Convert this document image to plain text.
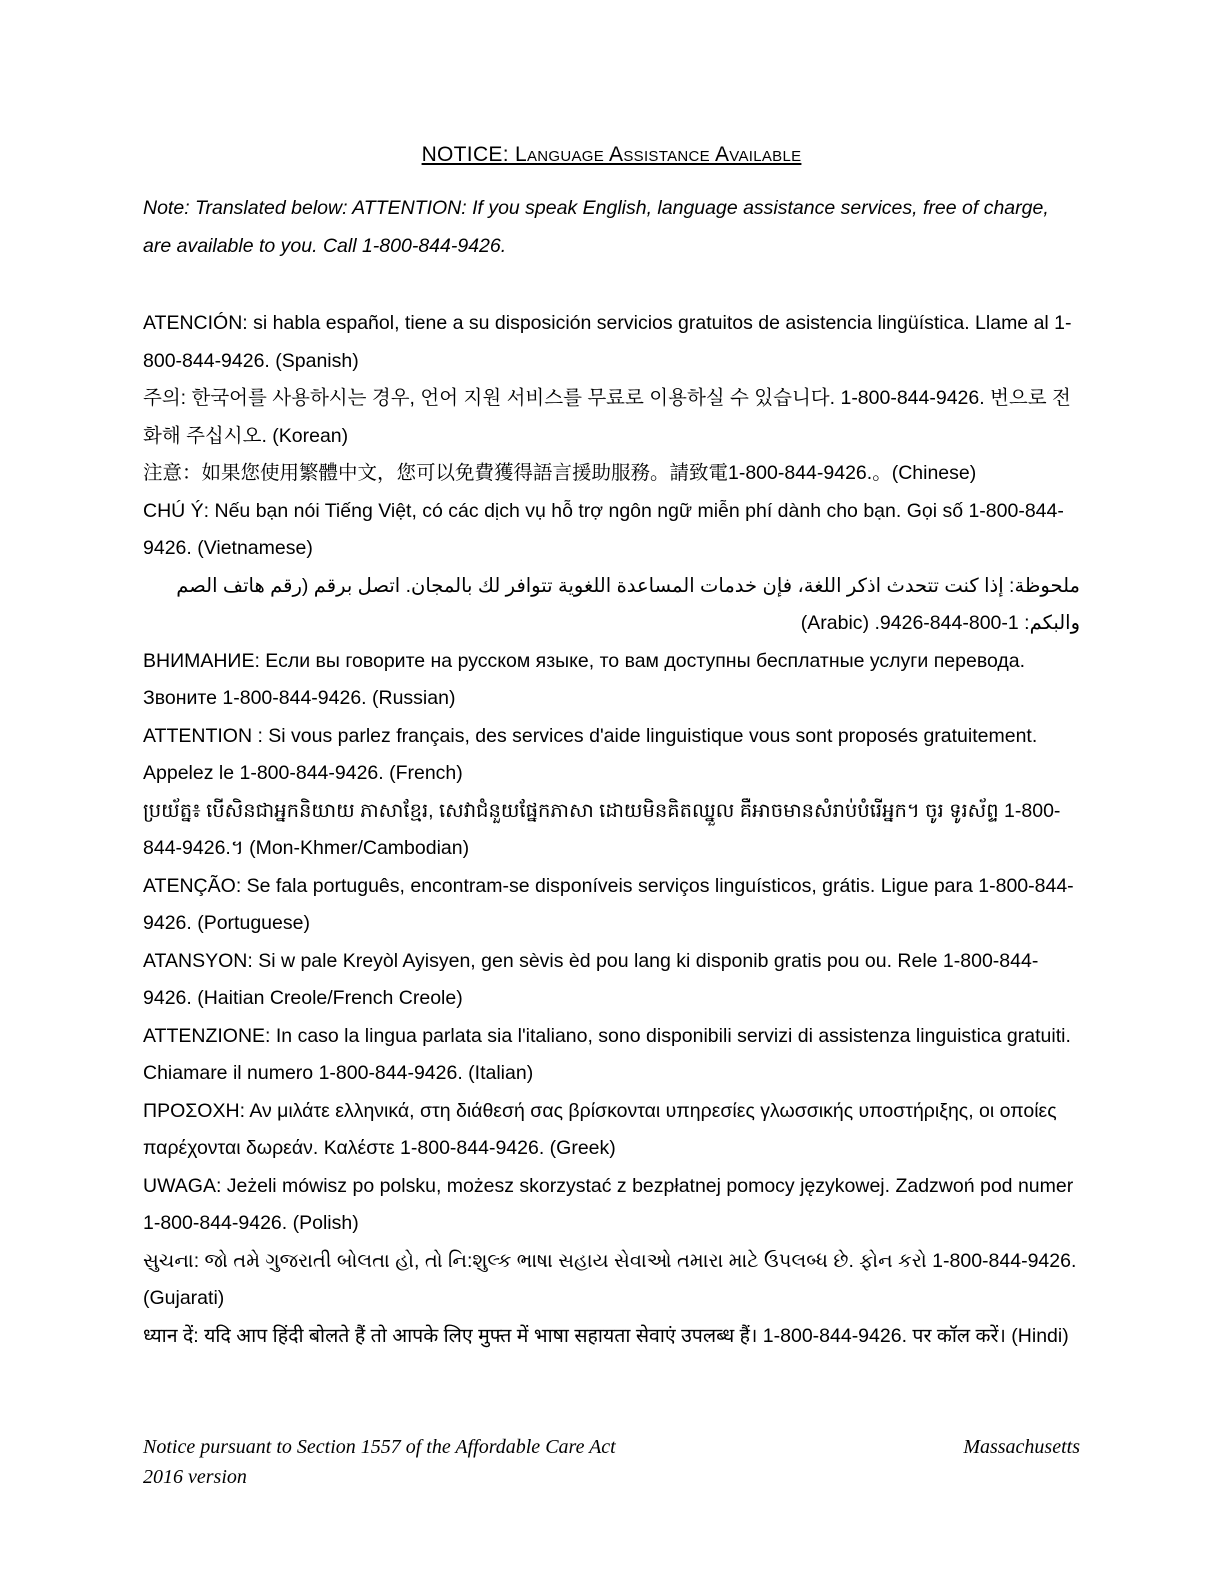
NOTICE: Language Assistance Available
Note: Translated below: ATTENTION: If you speak English, language assistance services, free of charge, are available to you. Call 1-800-844-9426.

ATENCIÓN: si habla español, tiene a su disposición servicios gratuitos de asistencia lingüística. Llame al 1-800-844-9426. (Spanish)

주의: 한국어를 사용하시는 경우, 언어 지원 서비스를 무료로 이용하실 수 있습니다. 1-800-844-9426. 번으로 전화해 주십시오. (Korean)

注意：如果您使用繁體中文，您可以免費獲得語言援助服務。請致電1-800-844-9426.。(Chinese)

CHÚ Ý: Nếu bạn nói Tiếng Việt, có các dịch vụ hỗ trợ ngôn ngữ miễn phí dành cho bạn. Gọi số 1-800-844-9426. (Vietnamese)

ملحوظة: إذا كنت تتحدث اذكر اللغة، فإن خدمات المساعدة اللغوية تتوافر لك بالمجان. اتصل برقم (رقم هاتف الصم والبكم: 1-800-844-9426. (Arabic)

ВНИМАНИЕ: Если вы говорите на русском языке, то вам доступны бесплатные услуги перевода. Звоните 1-800-844-9426. (Russian)

ATTENTION : Si vous parlez français, des services d'aide linguistique vous sont proposés gratuitement. Appelez le 1-800-844-9426. (French)

ប្រយ័ត្ន៖ បើសិនជាអ្នកនិយាយ ភាសាខ្មែរ, សេវាជំនួយផ្នែកភាសា ដោយមិនគិតឈ្នួល គឺអាចមានសំរាប់បំរើអ្នក។ ចូរ ទូរស័ព្ទ 1-800-844-9426.។ (Mon-Khmer/Cambodian)

ATENÇÃO: Se fala português, encontram-se disponíveis serviços linguísticos, grátis. Ligue para 1-800-844-9426. (Portuguese)

ATANSYON: Si w pale Kreyòl Ayisyen, gen sèvis èd pou lang ki disponib gratis pou ou. Rele 1-800-844-9426. (Haitian Creole/French Creole)

ATTENZIONE: In caso la lingua parlata sia l'italiano, sono disponibili servizi di assistenza linguistica gratuiti. Chiamare il numero 1-800-844-9426. (Italian)

ΠΡΟΣΟΧΗ: Αν μιλάτε ελληνικά, στη διάθεσή σας βρίσκονται υπηρεσίες γλωσσικής υποστήριξης, οι οποίες παρέχονται δωρεάν. Καλέστε 1-800-844-9426. (Greek)

UWAGA: Jeżeli mówisz po polsku, możesz skorzystać z bezpłatnej pomocy językowej. Zadzwoń pod numer 1-800-844-9426. (Polish)

સુચના: જો તમે ગુજરાતી બોલતા હો, તો નિ:શુલ્ક ભાષા સહાય સેવાઓ તમારા માટે ઉપલબ્ધ છે. ફોન કરો 1-800-844-9426. (Gujarati)

ध्यान दें: यदि आप हिंदी बोलते हैं तो आपके लिए मुफ्त में भाषा सहायता सेवाएं उपलब्ध हैं। 1-800-844-9426. पर कॉल करें। (Hindi)

Notice pursuant to Section 1557 of the Affordable Care Act

2016 version

Massachusetts
